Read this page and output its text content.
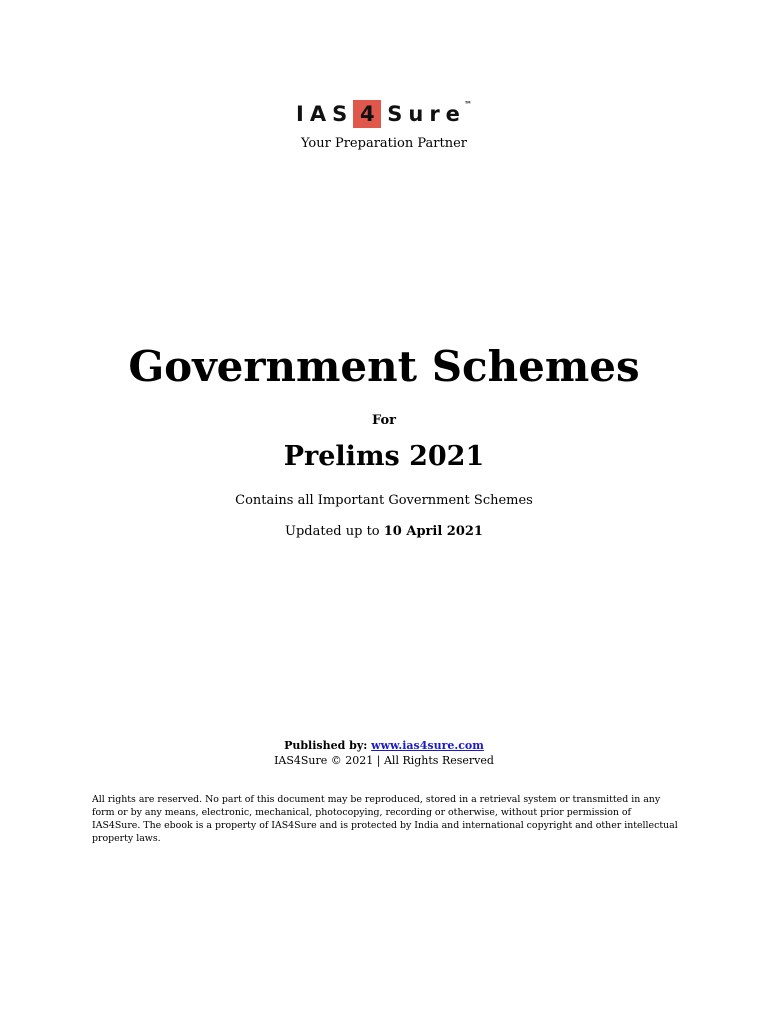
IAS 4 Sure
™
Your Preparation Partner
Government Schemes
For
Prelims 2021
Contains all Important Government Schemes
Updated up to 10 April 2021
Published by: www.ias4sure.com
IAS4Sure © 2021 | All Rights Reserved
All rights are reserved. No part of this document may be reproduced, stored in a retrieval system or transmitted in any form or by any means, electronic, mechanical, photocopying, recording or otherwise, without prior permission of IAS4Sure. The ebook is a property of IAS4Sure and is protected by India and international copyright and other intellectual property laws.
